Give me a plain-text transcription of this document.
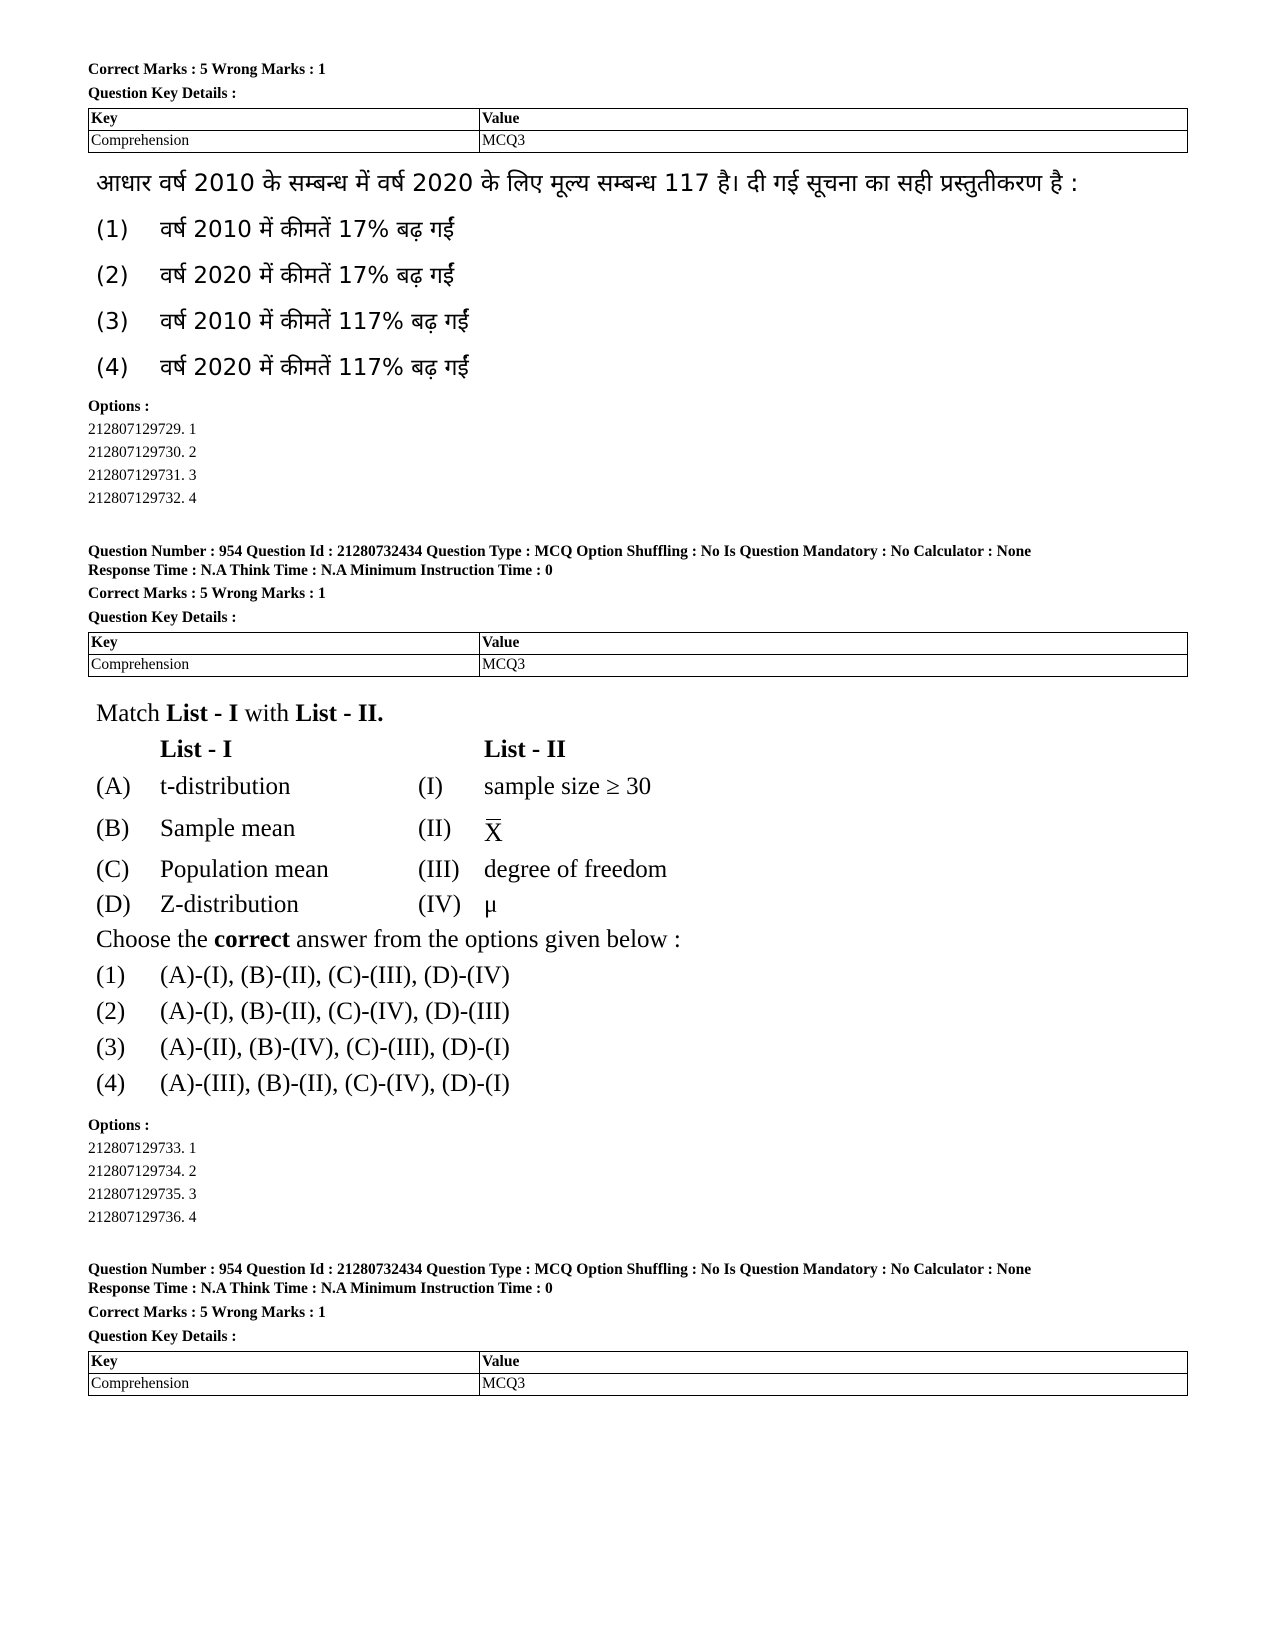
Correct Marks : 5 Wrong Marks : 1
Question Key Details :
Key	Value
Comprehension	MCQ3
आधार वर्ष 2010 के सम्बन्ध में वर्ष 2020 के लिए मूल्य सम्बन्ध 117 है। दी गई सूचना का सही प्रस्तुतीकरण है :
(1) वर्ष 2010 में कीमतें 17% बढ़ गईं
(2) वर्ष 2020 में कीमतें 17% बढ़ गईं
(3) वर्ष 2010 में कीमतें 117% बढ़ गईं
(4) वर्ष 2020 में कीमतें 117% बढ़ गईं
Options :
212807129729. 1
212807129730. 2
212807129731. 3
212807129732. 4
Question Number : 954 Question Id : 21280732434 Question Type : MCQ Option Shuffling : No Is Question Mandatory : No Calculator : None
Response Time : N.A Think Time : N.A Minimum Instruction Time : 0
Correct Marks : 5 Wrong Marks : 1
Question Key Details :
Key	Value
Comprehension	MCQ3
Match List - I with List - II.
List - I	List - II
(A) t-distribution	(I) sample size ≥ 30
(B) Sample mean	(II) X
(C) Population mean	(III) degree of freedom
(D) Z-distribution	(IV) μ
Choose the correct answer from the options given below :
(1) (A)-(I), (B)-(II), (C)-(III), (D)-(IV)
(2) (A)-(I), (B)-(II), (C)-(IV), (D)-(III)
(3) (A)-(II), (B)-(IV), (C)-(III), (D)-(I)
(4) (A)-(III), (B)-(II), (C)-(IV), (D)-(I)
Options :
212807129733. 1
212807129734. 2
212807129735. 3
212807129736. 4
Question Number : 954 Question Id : 21280732434 Question Type : MCQ Option Shuffling : No Is Question Mandatory : No Calculator : None
Response Time : N.A Think Time : N.A Minimum Instruction Time : 0
Correct Marks : 5 Wrong Marks : 1
Question Key Details :
Key	Value
Comprehension	MCQ3
